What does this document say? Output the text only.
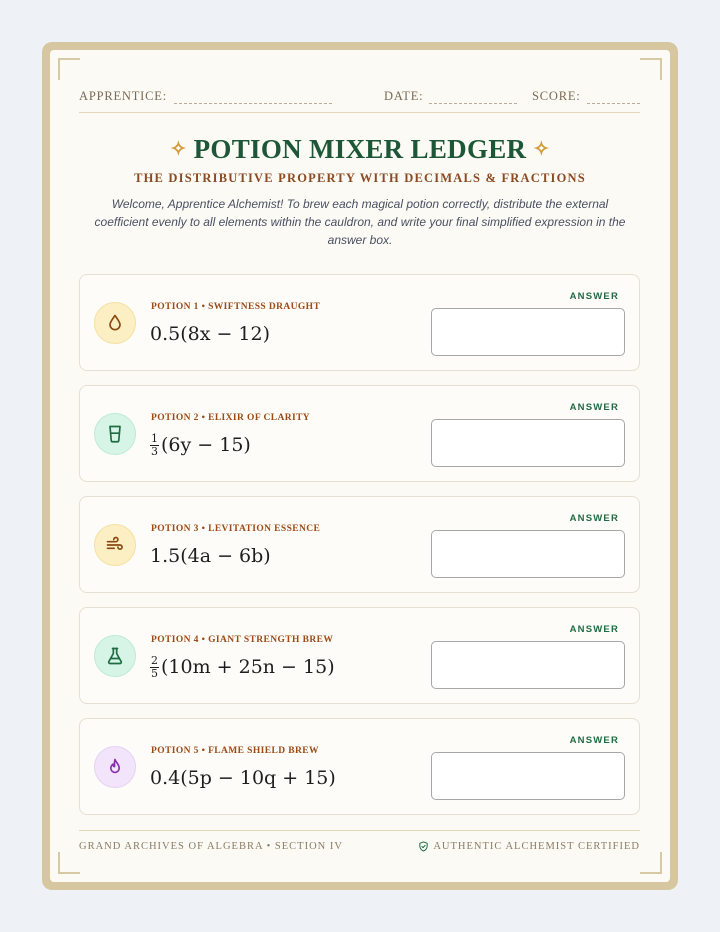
APPRENTICE:	DATE:	SCORE:
✧ POTION MIXER LEDGER ✧
THE DISTRIBUTIVE PROPERTY WITH DECIMALS & FRACTIONS
Welcome, Apprentice Alchemist! To brew each magical potion correctly, distribute the external coefficient evenly to all elements within the cauldron, and write your final simplified expression in the answer box.
POTION 1 • SWIFTNESS DRAUGHT
0.5 (8x − 12)
ANSWER
POTION 2 • ELIXIR OF CLARITY
$\frac{1}{3} (6y - 15)$
ANSWER
POTION 3 • LEVITATION ESSENCE
1.5 (4a − 6b)
ANSWER
POTION 4 • GIANT STRENGTH BREW
$\frac{2}{5} (10m + 25n - 15)$
ANSWER
POTION 5 • FLAME SHIELD BREW
0.4 (5p − 10q + 15)
ANSWER
GRAND ARCHIVES OF ALGEBRA • SECTION IV	AUTHENTIC ALCHEMIST CERTIFIED
